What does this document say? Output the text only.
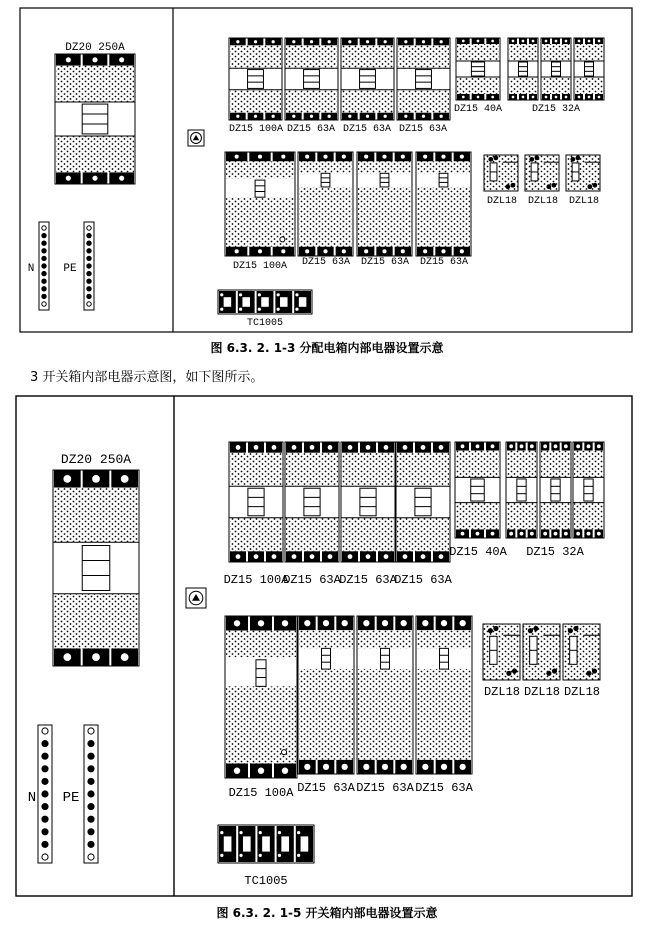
DZ20 250A
N	PE
DZ15 100A DZ15 63A DZ15 63A DZ15 63A
DZ15 40A	DZ15 32A
DZ15 100A DZ15 63A DZ15 63A DZ15 63A
DZL18 DZL18 DZL18
TC1005
图 6.3. 2. 1-3 分配电箱内部电器设置示意
3 开关箱内部电器示意图，如下图所示。
DZ20 250A
N PE
DZ15 100A
DZ15 63A
DZ15 63A
DZ15 63A
DZ15 40A DZ15 32A
DZ15 100A DZ15 63A DZ15 63A DZ15 63A
DZL18 DZL18 DZL18
TC1005
图 6.3. 2. 1-5 开关箱内部电器设置示意
